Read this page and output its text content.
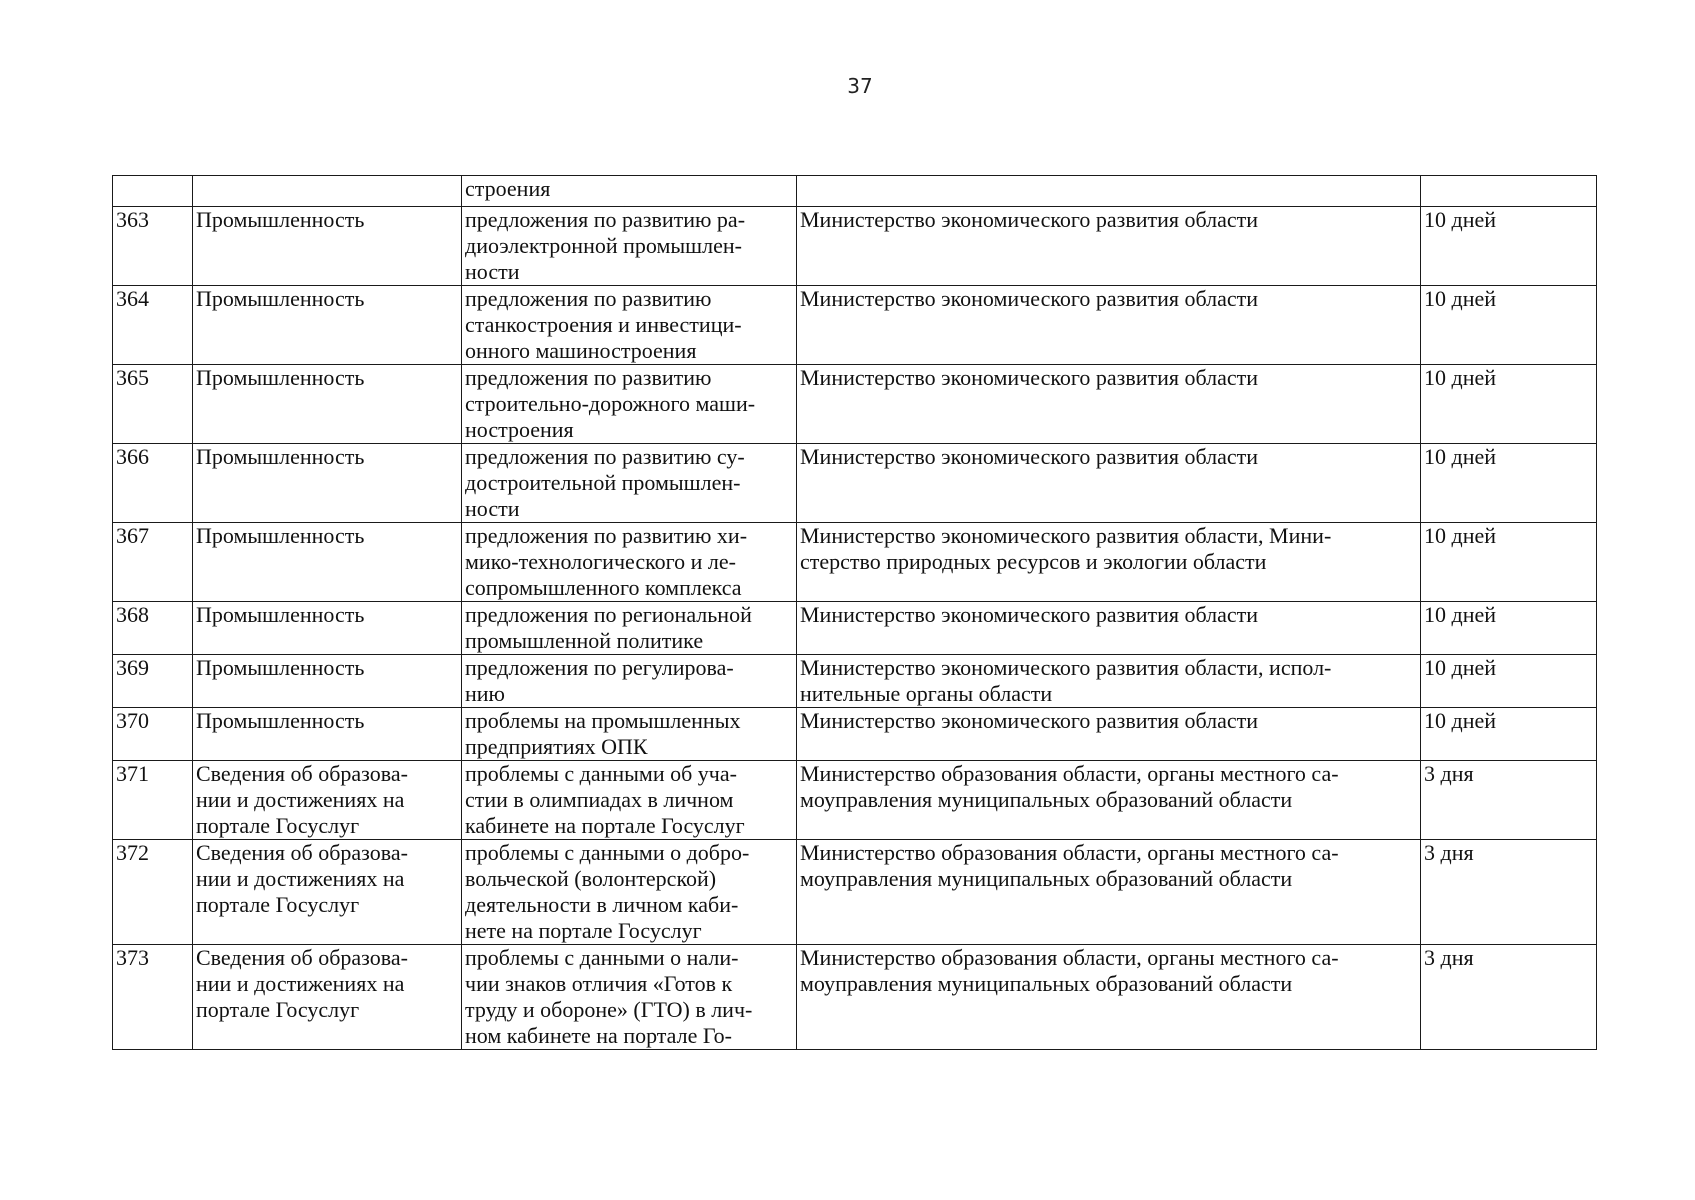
37

		строения		

363	Промышленность	предложения по развитию ра-
диоэлектронной промышлен-
ности	Министерство экономического развития области	10 дней

364	Промышленность	предложения по развитию
станкостроения и инвестици-
онного машиностроения	Министерство экономического развития области	10 дней

365	Промышленность	предложения по развитию
строительно-дорожного маши-
ностроения	Министерство экономического развития области	10 дней

366	Промышленность	предложения по развитию су-
достроительной промышлен-
ности	Министерство экономического развития области	10 дней

367	Промышленность	предложения по развитию хи-
мико-технологического и ле-
сопромышленного комплекса	Министерство экономического развития области, Мини-
стерство природных ресурсов и экологии области	10 дней

368	Промышленность	предложения по региональной
промышленной политике	Министерство экономического развития области	10 дней

369	Промышленность	предложения по регулирова-
нию	Министерство экономического развития области, испол-
нительные органы области	10 дней

370	Промышленность	проблемы на промышленных
предприятиях ОПК	Министерство экономического развития области	10 дней

371	Сведения об образова-
нии и достижениях на
портале Госуслуг	проблемы с данными об уча-
стии в олимпиадах в личном
кабинете на портале Госуслуг	Министерство образования области, органы местного са-
моуправления муниципальных образований области	3 дня

372	Сведения об образова-
нии и достижениях на
портале Госуслуг	проблемы с данными о добро-
вольческой (волонтерской)
деятельности в личном каби-
нете на портале Госуслуг	Министерство образования области, органы местного са-
моуправления муниципальных образований области	3 дня

373	Сведения об образова-
нии и достижениях на
портале Госуслуг	проблемы с данными о нали-
чии знаков отличия «Готов к
труду и обороне» (ГТО) в лич-
ном кабинете на портале Го-	Министерство образования области, органы местного са-
моуправления муниципальных образований области	3 дня
